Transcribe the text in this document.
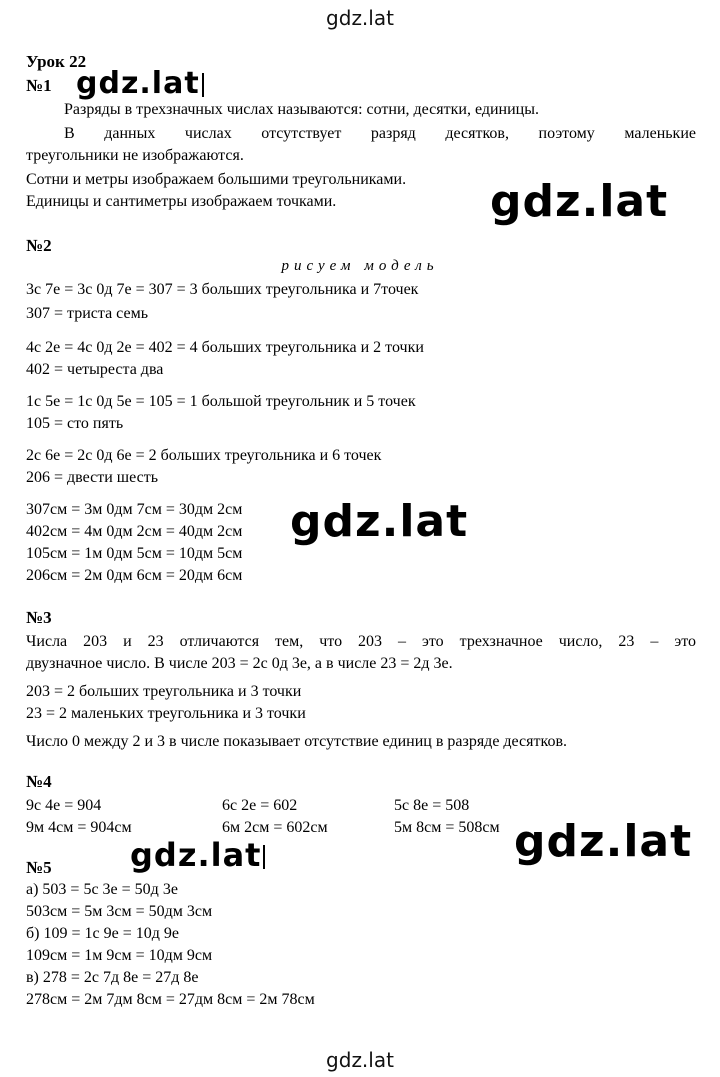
gdz.lat
Урок 22
№1
Разряды в трехзначных числах называются: сотни, десятки, единицы.
В данных числах отсутствует разряд десятков, поэтому маленькие
треугольники не изображаются.
Сотни и метры изображаем большими треугольниками.
Единицы и сантиметры изображаем точками.
№2
рисуем модель
3с 7е = 3с 0д 7е = 307 = 3 больших треугольника и 7точек
307 = триста семь
4с 2е = 4с 0д 2е = 402 = 4 больших треугольника и 2 точки
402 = четыреста два
1с 5е = 1с 0д 5е = 105 = 1 большой треугольник и 5 точек
105 = сто пять
2с 6е = 2с 0д 6е = 2 больших треугольника и 6 точек
206 = двести шесть
307см = 3м 0дм 7см = 30дм 2см
402см = 4м 0дм 2см = 40дм 2см
105см = 1м 0дм 5см = 10дм 5см
206см = 2м 0дм 6см = 20дм 6см
№3
Числа 203 и 23 отличаются тем, что 203 – это трехзначное число, 23 – это
двузначное число. В числе 203 = 2с 0д 3е, а в числе 23 = 2д 3е.
203 = 2 больших треугольника и 3 точки
23 = 2 маленьких треугольника и 3 точки
Число 0 между 2 и 3 в числе показывает отсутствие единиц в разряде десятков.
№4
9с 4е = 904	6с 2е = 602	5с 8е = 508
9м 4см = 904см	6м 2см = 602см	5м 8см = 508см
№5
а) 503 = 5с 3е = 50д 3е
503см = 5м 3см = 50дм 3см
б) 109 = 1с 9е = 10д 9е
109см = 1м 9см = 10дм 9см
в) 278 = 2с 7д 8е = 27д 8е
278см = 2м 7дм 8см = 27дм 8см = 2м 78см
gdz.lat
gdz.lat
gdz.lat
gdz.lat	gdz.lat
gdz.lat
